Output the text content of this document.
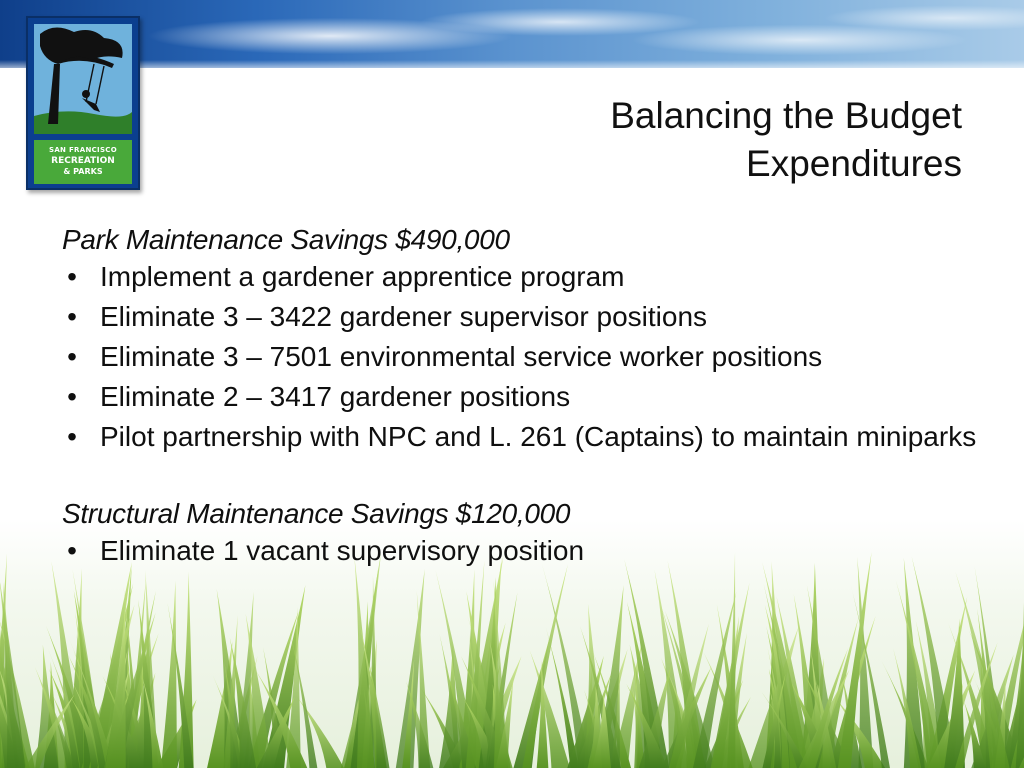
SAN FRANCISCO
RECREATION
& PARKS
Balancing the Budget
Expenditures

Park Maintenance Savings $490,000

• Implement a gardener apprentice program
• Eliminate 3 – 3422 gardener supervisor positions
• Eliminate 3 – 7501 environmental service worker positions
• Eliminate 2 – 3417 gardener positions
• Pilot partnership with NPC and L. 261 (Captains) to maintain miniparks

Structural Maintenance Savings $120,000

• Eliminate 1 vacant supervisory position
